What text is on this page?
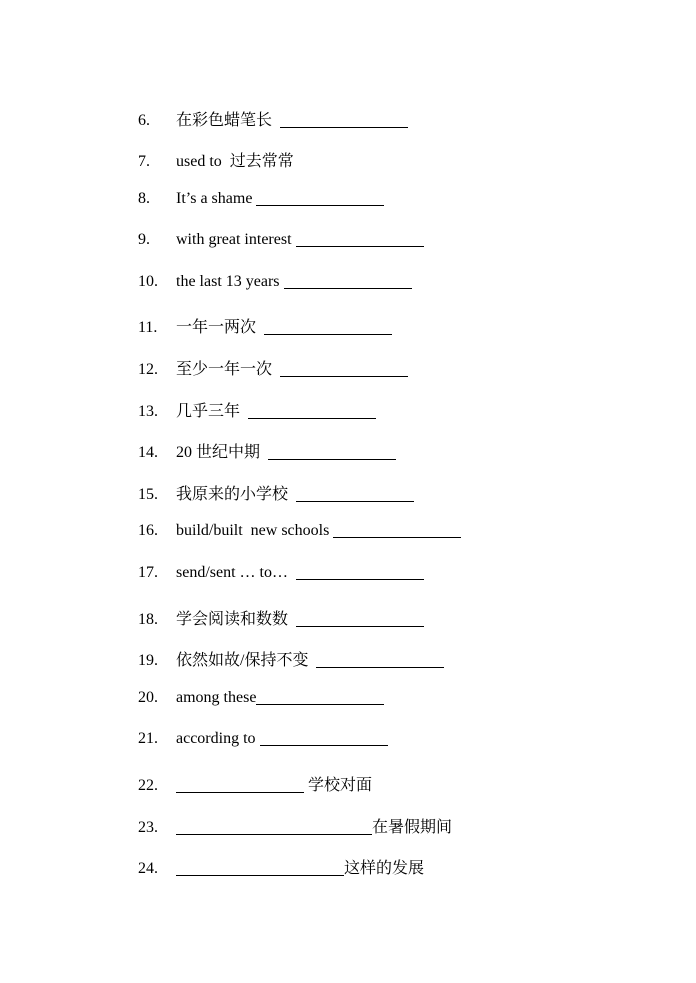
6.	在彩色蜡笔长
7.	used to  过去常常
8.	It’s a shame
9.	with great interest
10.	the last 13 years
11.	一年一两次
12.	至少一年一次
13.	几乎三年
14.	20 世纪中期
15.	我原来的小学校
16.	build/built  new schools
17.	send/sent … to…
18.	学会阅读和数数
19.	依然如故/保持不变
20.	among these
21.	according to
22.	学校对面
23.	在暑假期间
24.	这样的发展
